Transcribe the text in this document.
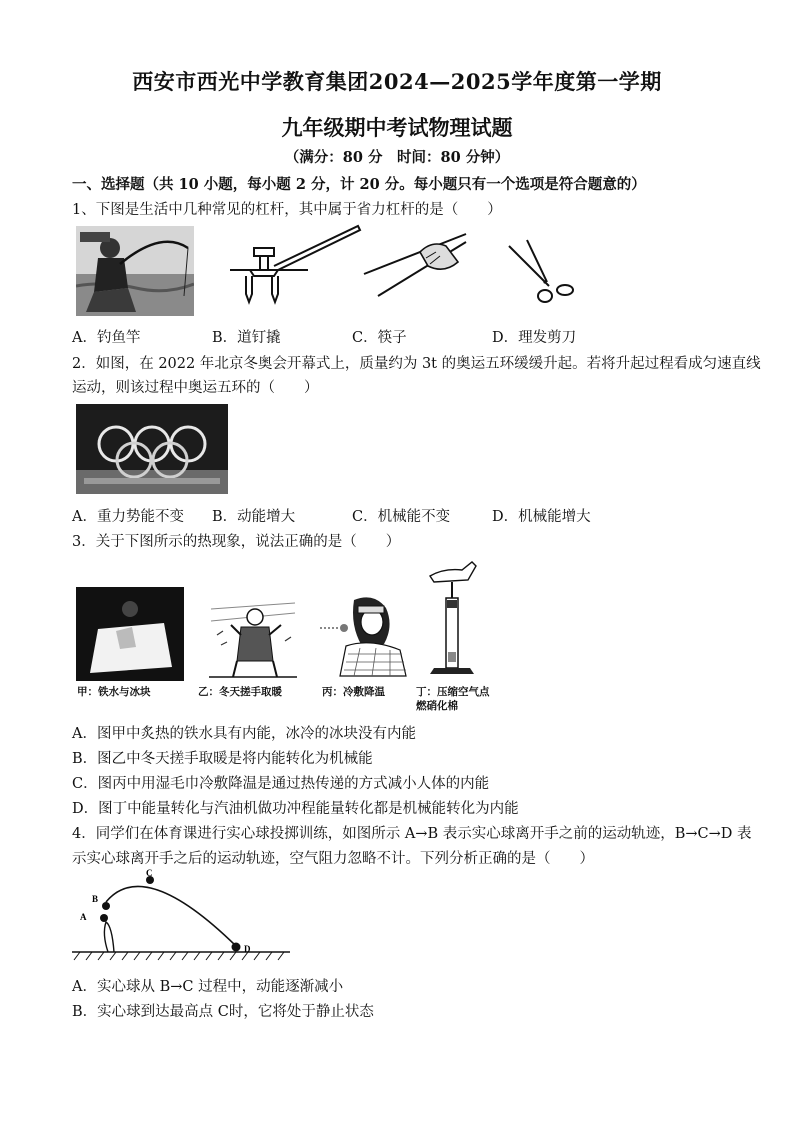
西安市西光中学教育集团2024—2025学年度第一学期
九年级期中考试物理试题
（满分：80 分　时间：80 分钟）
一、选择题（共 10 小题，每小题 2 分，计 20 分。每小题只有一个选项是符合题意的）
1、下图是生活中几种常见的杠杆，其中属于省力杠杆的是（　　）
A．钓鱼竿	B．道钉撬	C．筷子	D．理发剪刀
2．如图，在 2022 年北京冬奥会开幕式上，质量约为 3t 的奥运五环缓缓升起。若将升起过程看成匀速直线
运动，则该过程中奥运五环的（　　）
A．重力势能不变	B．动能增大	C．机械能不变	D．机械能增大
3．关于下图所示的热现象，说法正确的是（　　）
甲：铁水与冰块	乙：冬天搓手取暖	丙：冷敷降温	丁：压缩空气点
燃硝化棉
A．图甲中炙热的铁水具有内能，冰冷的冰块没有内能
B．图乙中冬天搓手取暖是将内能转化为机械能
C．图丙中用湿毛巾冷敷降温是通过热传递的方式减小人体的内能
D．图丁中能量转化与汽油机做功冲程能量转化都是机械能转化为内能
4．同学们在体育课进行实心球投掷训练，如图所示 A→B 表示实心球离开手之前的运动轨迹，B→C→D 表
示实心球离开手之后的运动轨迹，空气阻力忽略不计。下列分析正确的是（　　）
A
B
C
D
A．实心球从 B→C 过程中，动能逐渐减小
B．实心球到达最高点 C时，它将处于静止状态
